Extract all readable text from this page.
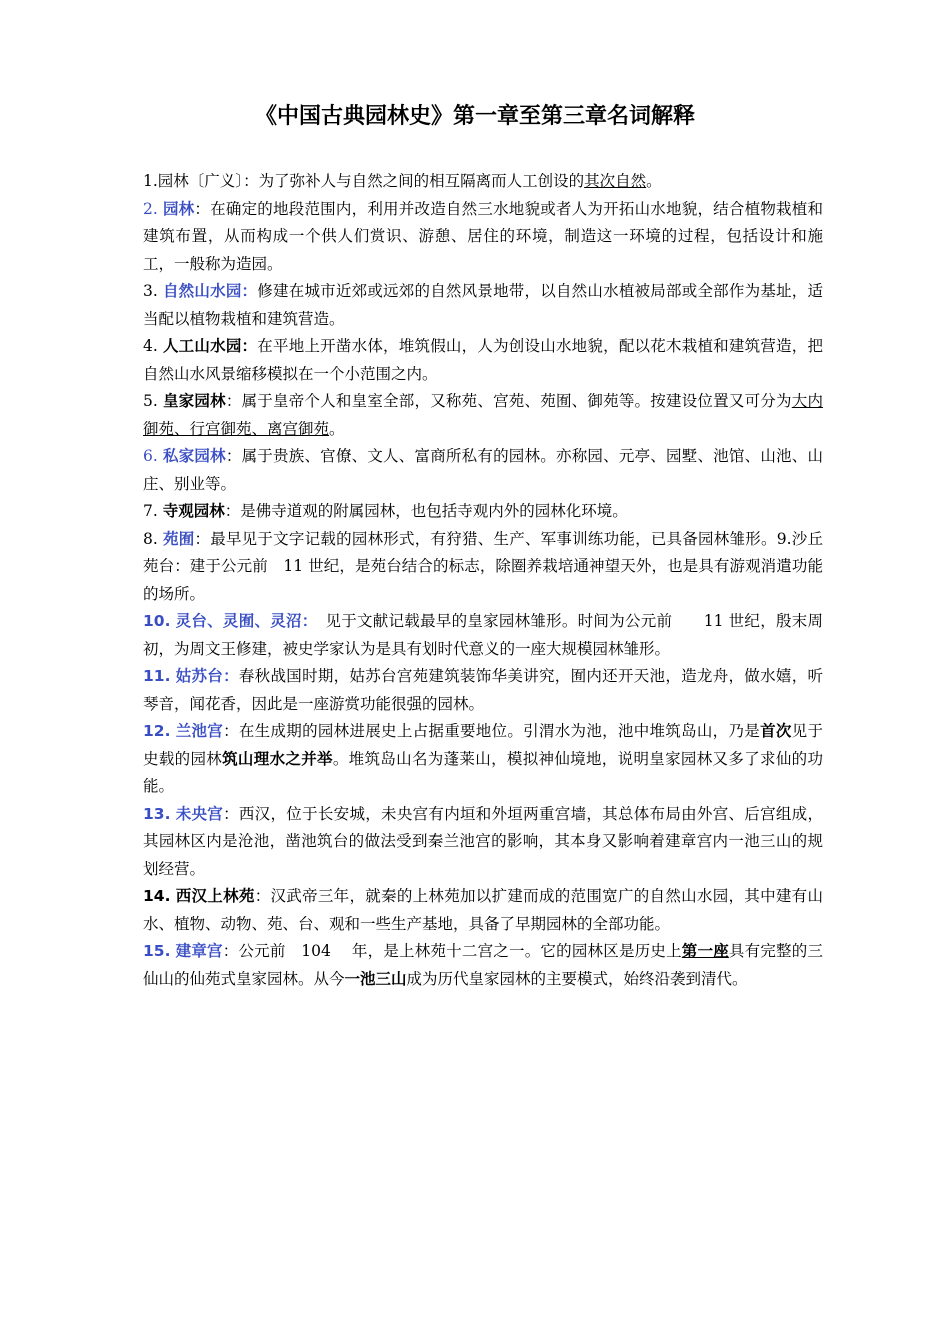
《中国古典园林史》第一章至第三章名词解释

1.园林〔广义〕：为了弥补人与自然之间的相互隔离而人工创设的其次自然。

2. 园林：在确定的地段范围内，利用并改造自然三水地貌或者人为开拓山水地貌，结合植物栽植和建筑布置，从而构成一个供人们赏识、游憩、居住的环境，制造这一环境的过程，包括设计和施工，一般称为造园。

3. 自然山水园：修建在城市近郊或远郊的自然风景地带，以自然山水植被局部或全部作为基址，适当配以植物栽植和建筑营造。

4. 人工山水园：在平地上开凿水体，堆筑假山，人为创设山水地貌，配以花木栽植和建筑营造，把自然山水风景缩移模拟在一个小范围之内。

5. 皇家园林：属于皇帝个人和皇室全部，又称苑、宫苑、苑囿、御苑等。按建设位置又可分为大内御苑、行宫御苑、离宫御苑。

6. 私家园林：属于贵族、官僚、文人、富商所私有的园林。亦称园、元亭、园墅、池馆、山池、山庄、别业等。

7. 寺观园林：是佛寺道观的附属园林，也包括寺观内外的园林化环境。

8. 苑囿：最早见于文字记载的园林形式，有狩猎、生产、军事训练功能，已具备园林雏形。9.沙丘苑台：建于公元前　11 世纪，是苑台结合的标志，除圈养栽培通神望天外，也是具有游观消遣功能的场所。

10. 灵台、灵囿、灵沼：　见于文献记载最早的皇家园林雏形。时间为公元前　　11 世纪，殷末周初，为周文王修建，被史学家认为是具有划时代意义的一座大规模园林雏形。

11. 姑苏台：春秋战国时期，姑苏台宫苑建筑装饰华美讲究，囿内还开天池，造龙舟，做水嬉，听琴音，闻花香，因此是一座游赏功能很强的园林。

12. 兰池宫：在生成期的园林进展史上占据重要地位。引渭水为池，池中堆筑岛山，乃是首次见于史载的园林筑山理水之并举。堆筑岛山名为蓬莱山，模拟神仙境地，说明皇家园林又多了求仙的功能。

13. 未央宫：西汉，位于长安城，未央宫有内垣和外垣两重宫墙，其总体布局由外宫、后宫组成，其园林区内是沧池，凿池筑台的做法受到秦兰池宫的影响，其本身又影响着建章宫内一池三山的规划经营。

14. 西汉上林苑：汉武帝三年，就秦的上林苑加以扩建而成的范围宽广的自然山水园，其中建有山水、植物、动物、苑、台、观和一些生产基地，具备了早期园林的全部功能。

15. 建章宫：公元前　104　 年，是上林苑十二宫之一。它的园林区是历史上第一座具有完整的三仙山的仙苑式皇家园林。从今一池三山成为历代皇家园林的主要模式，始终沿袭到清代。
